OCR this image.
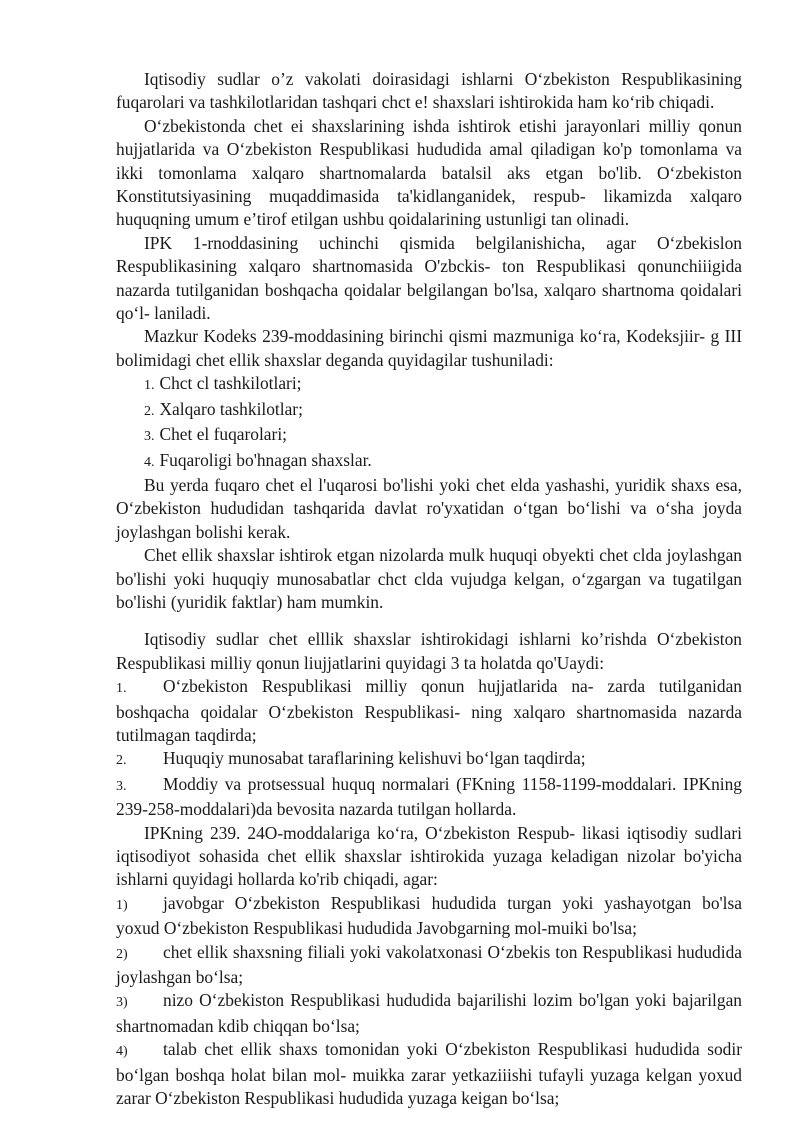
Iqtisodiy sudlar o’z vakolati doirasidagi ishlarni O‘zbekiston Respublikasining fuqarolari va tashkilotlaridan tashqari chct e! shaxslari ishtirokida ham ko‘rib chiqadi.

O‘zbekistonda chet ei shaxslarining ishda ishtirok etishi jarayonlari milliy qonun hujjatlarida va O‘zbekiston Respublikasi hududida amal qiladigan ko'p tomonlama va ikki tomonlama xalqaro shartnomalarda batalsil aks etgan bo'lib. O‘zbekiston Konstitutsiyasining muqaddimasida ta'kidlanganidek, respub- likamizda xalqaro huquqning umum e’tirof etilgan ushbu qoidalarining ustunligi tan olinadi.

IPK 1-rnoddasining uchinchi qismida belgilanishicha, agar O‘zbekislon Respublikasining xalqaro shartnomasida O'zbckis- ton Respublikasi qonunchiiigida nazarda tutilganidan boshqacha qoidalar belgilangan bo'lsa, xalqaro shartnoma qoidalari qo‘l- laniladi.

Mazkur Kodeks 239-moddasining birinchi qismi mazmuniga ko‘ra, Kodeksjiir- g III bolimidagi chet ellik shaxslar deganda quyidagilar tushuniladi:

1. Chct cl tashkilotlari;

2. Xalqaro tashkilotlar;

3. Chet el fuqarolari;

4. Fuqaroligi bo'hnagan shaxslar.

Bu yerda fuqaro chet el l'uqarosi bo'lishi yoki chet elda yashashi, yuridik shaxs esa, O‘zbekiston hududidan tashqarida davlat ro'yxatidan o‘tgan bo‘lishi va o‘sha joyda joylashgan bolishi kerak.

Chet ellik shaxslar ishtirok etgan nizolarda mulk huquqi obyekti chet clda joylashgan bo'lishi yoki huquqiy munosabatlar chct clda vujudga kelgan, o‘zgargan va tugatilgan bo'lishi (yuridik faktlar) ham mumkin.

Iqtisodiy sudlar chet elllik shaxslar ishtirokidagi ishlarni ko’rishda O‘zbekiston Respublikasi milliy qonun liujjatlarini quyidagi 3 ta holatda qo'Uaydi:

1. O‘zbekiston Respublikasi milliy qonun hujjatlarida na- zarda tutilganidan boshqacha qoidalar O‘zbekiston Respublikasi- ning xalqaro shartnomasida nazarda tutilmagan taqdirda;

2. Huquqiy munosabat taraflarining kelishuvi bo‘lgan taqdirda;

3. Moddiy va protsessual huquq normalari (FKning 1158-1199-moddalari. IPKning 239-258-moddalari)da bevosita nazarda tutilgan hollarda.

IPKning 239. 24O-moddalariga ko‘ra, O‘zbekiston Respub- likasi iqtisodiy sudlari iqtisodiyot sohasida chet ellik shaxslar ishtirokida yuzaga keladigan nizolar bo'yicha ishlarni quyidagi hollarda ko'rib chiqadi, agar:

1) javobgar O‘zbekiston Respublikasi hududida turgan yoki yashayotgan bo'lsa yoxud O‘zbekiston Respublikasi hududida Javobgarning mol-muiki bo'lsa;

2) chet ellik shaxsning filiali yoki vakolatxonasi O‘zbekis ton Respublikasi hududida joylashgan bo‘lsa;

3) nizo O‘zbekiston Respublikasi hududida bajarilishi lozim bo'lgan yoki bajarilgan shartnomadan kdib chiqqan bo‘lsa;

4) talab chet ellik shaxs tomonidan yoki O‘zbekiston Respublikasi hududida sodir bo‘lgan boshqa holat bilan mol- muikka zarar yetkaziiishi tufayli yuzaga kelgan yoxud zarar O‘zbekiston Respublikasi hududida yuzaga keigan bo‘lsa;
